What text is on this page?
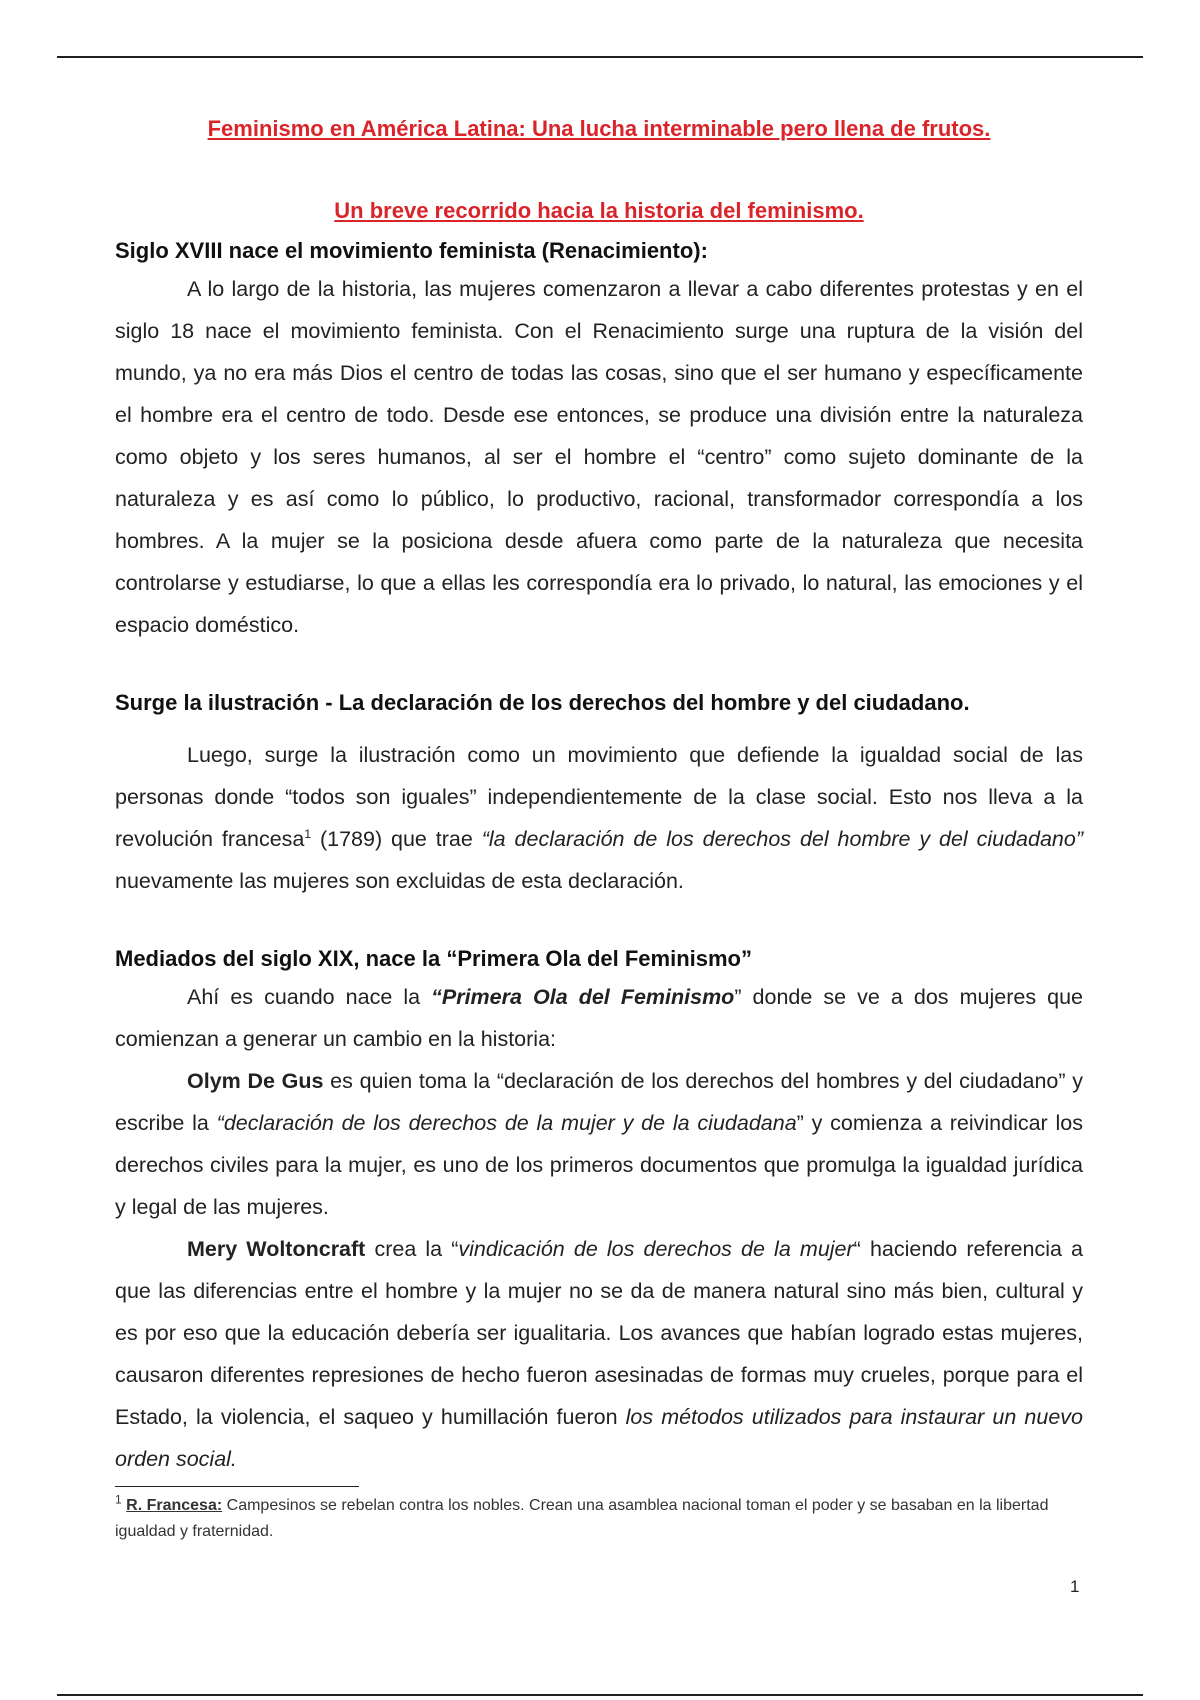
Feminismo en América Latina: Una lucha interminable pero llena de frutos.
Un breve recorrido hacia la historia del feminismo.
Siglo XVIII nace el movimiento feminista (Renacimiento):

A lo largo de la historia, las mujeres comenzaron a llevar a cabo diferentes protestas y en el siglo 18 nace el movimiento feminista. Con el Renacimiento surge una ruptura de la visión del mundo, ya no era más Dios el centro de todas las cosas, sino que el ser humano y específicamente el hombre era el centro de todo. Desde ese entonces, se produce una división entre la naturaleza como objeto y los seres humanos, al ser el hombre el “centro” como sujeto dominante de la naturaleza y es así como lo público, lo productivo, racional, transformador correspondía a los hombres. A la mujer se la posiciona desde afuera como parte de la naturaleza que necesita controlarse y estudiarse, lo que a ellas les correspondía era lo privado, lo natural, las emociones y el espacio doméstico.

Surge la ilustración - La declaración de los derechos del hombre y del ciudadano.

Luego, surge la ilustración como un movimiento que defiende la igualdad social de las personas donde “todos son iguales” independientemente de la clase social. Esto nos lleva a la revolución francesa$^1$ (1789) que trae “la declaración de los derechos del hombre y del ciudadano” nuevamente las mujeres son excluidas de esta declaración.

Mediados del siglo XIX, nace la “Primera Ola del Feminismo”

Ahí es cuando nace la “Primera Ola del Feminismo” donde se ve a dos mujeres que comienzan a generar un cambio en la historia:

Olym De Gus es quien toma la “declaración de los derechos del hombres y del ciudadano” y escribe la “declaración de los derechos de la mujer y de la ciudadana” y comienza a reivindicar los derechos civiles para la mujer, es uno de los primeros documentos que promulga la igualdad jurídica y legal de las mujeres.

Mery Woltoncraft crea la “vindicación de los derechos de la mujer“ haciendo referencia a que las diferencias entre el hombre y la mujer no se da de manera natural sino más bien, cultural y es por eso que la educación debería ser igualitaria. Los avances que habían logrado estas mujeres, causaron diferentes represiones de hecho fueron asesinadas de formas muy crueles, porque para el Estado, la violencia, el saqueo y humillación fueron los métodos utilizados para instaurar un nuevo orden social.

$^1$ R. Francesa: Campesinos se rebelan contra los nobles. Crean una asamblea nacional toman el poder y se basaban en la libertad igualdad y fraternidad.
1
